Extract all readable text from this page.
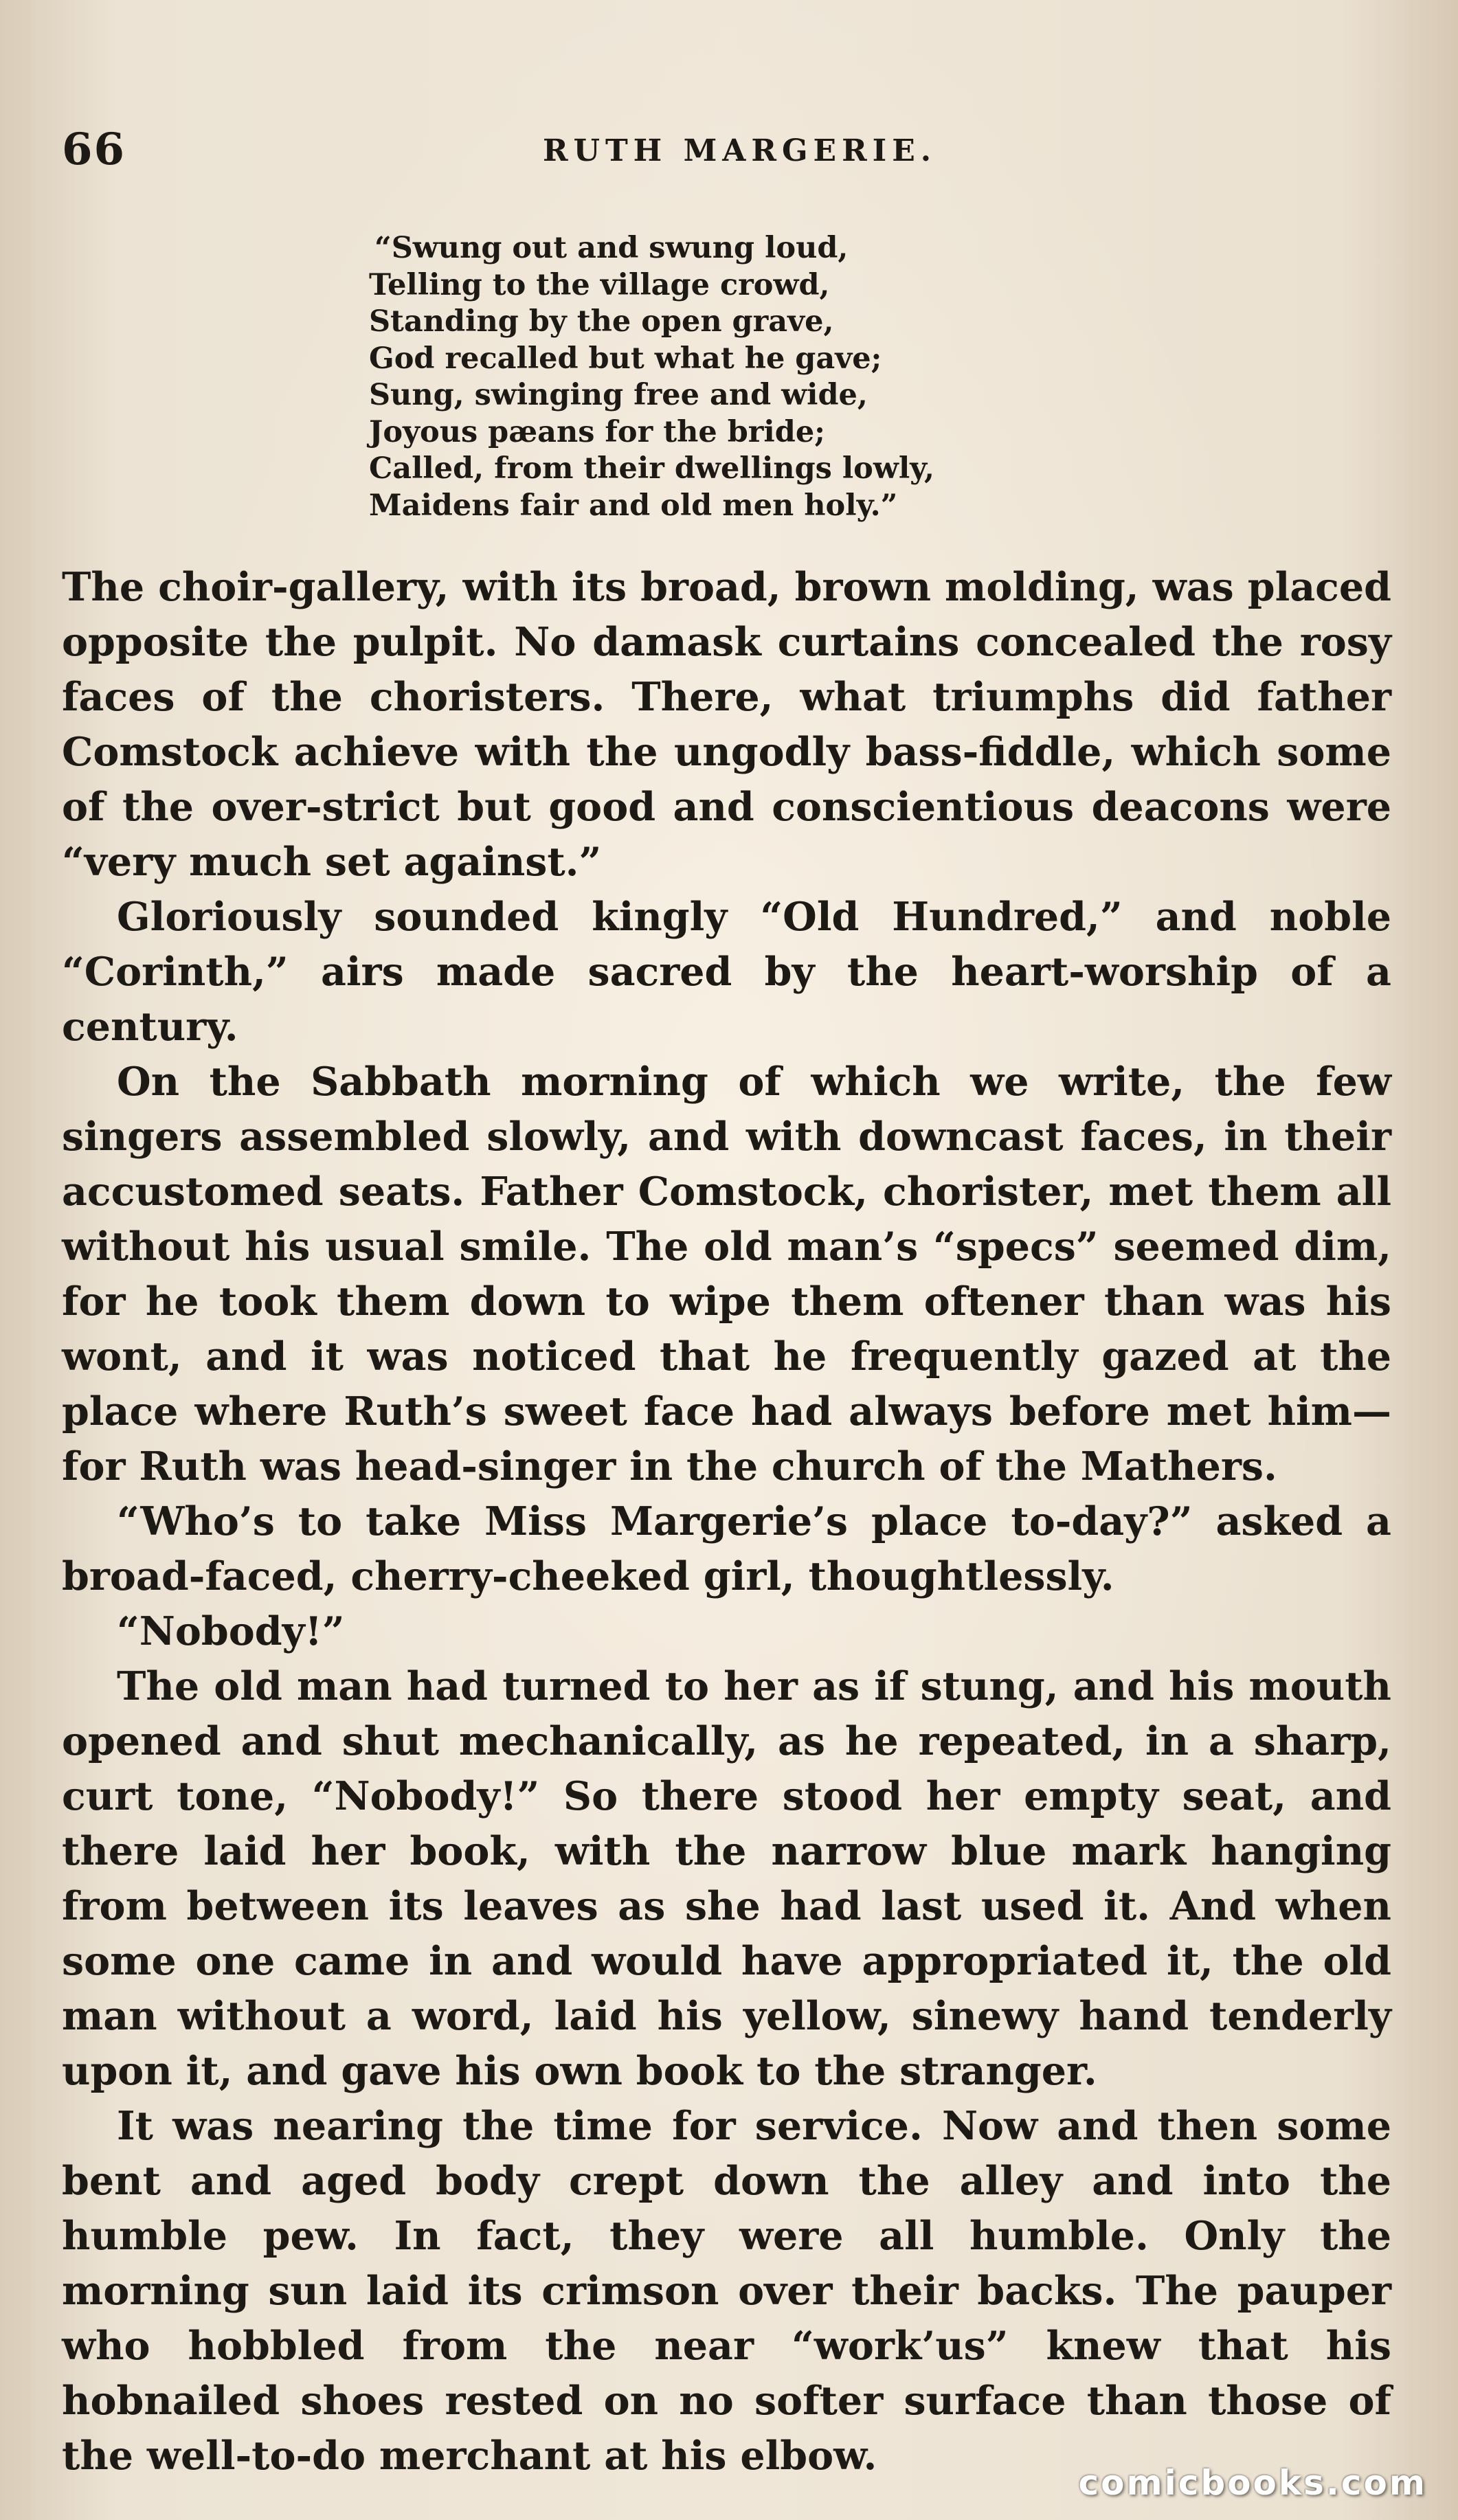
66	RUTH MARGERIE.
“Swung out and swung loud,
Telling to the village crowd,
Standing by the open grave,
God recalled but what he gave;
Sung, swinging free and wide,
Joyous pæans for the bride;
Called, from their dwellings lowly,
Maidens fair and old men holy.”

The choir-gallery, with its broad, brown molding, was placed opposite the pulpit. No damask curtains concealed the rosy faces of the choristers. There, what triumphs did father Comstock achieve with the ungodly bass-fiddle, which some of the over-strict but good and conscientious deacons were “very much set against.”

Gloriously sounded kingly “Old Hundred,” and noble “Corinth,” airs made sacred by the heart-worship of a century.

On the Sabbath morning of which we write, the few singers assembled slowly, and with downcast faces, in their accustomed seats. Father Comstock, chorister, met them all without his usual smile. The old man’s “specs” seemed dim, for he took them down to wipe them oftener than was his wont, and it was noticed that he frequently gazed at the place where Ruth’s sweet face had always before met him—for Ruth was head-singer in the church of the Mathers.

“Who’s to take Miss Margerie’s place to-day?” asked a broad-faced, cherry-cheeked girl, thoughtlessly.

“Nobody!”

The old man had turned to her as if stung, and his mouth opened and shut mechanically, as he repeated, in a sharp, curt tone, “Nobody!” So there stood her empty seat, and there laid her book, with the narrow blue mark hanging from between its leaves as she had last used it. And when some one came in and would have appropriated it, the old man without a word, laid his yellow, sinewy hand tenderly upon it, and gave his own book to the stranger.

It was nearing the time for service. Now and then some bent and aged body crept down the alley and into the humble pew. In fact, they were all humble. Only the morning sun laid its crimson over their backs. The pauper who hobbled from the near “work’us” knew that his hobnailed shoes rested on no softer surface than those of the well-to-do merchant at his elbow.

comicbooks.com
